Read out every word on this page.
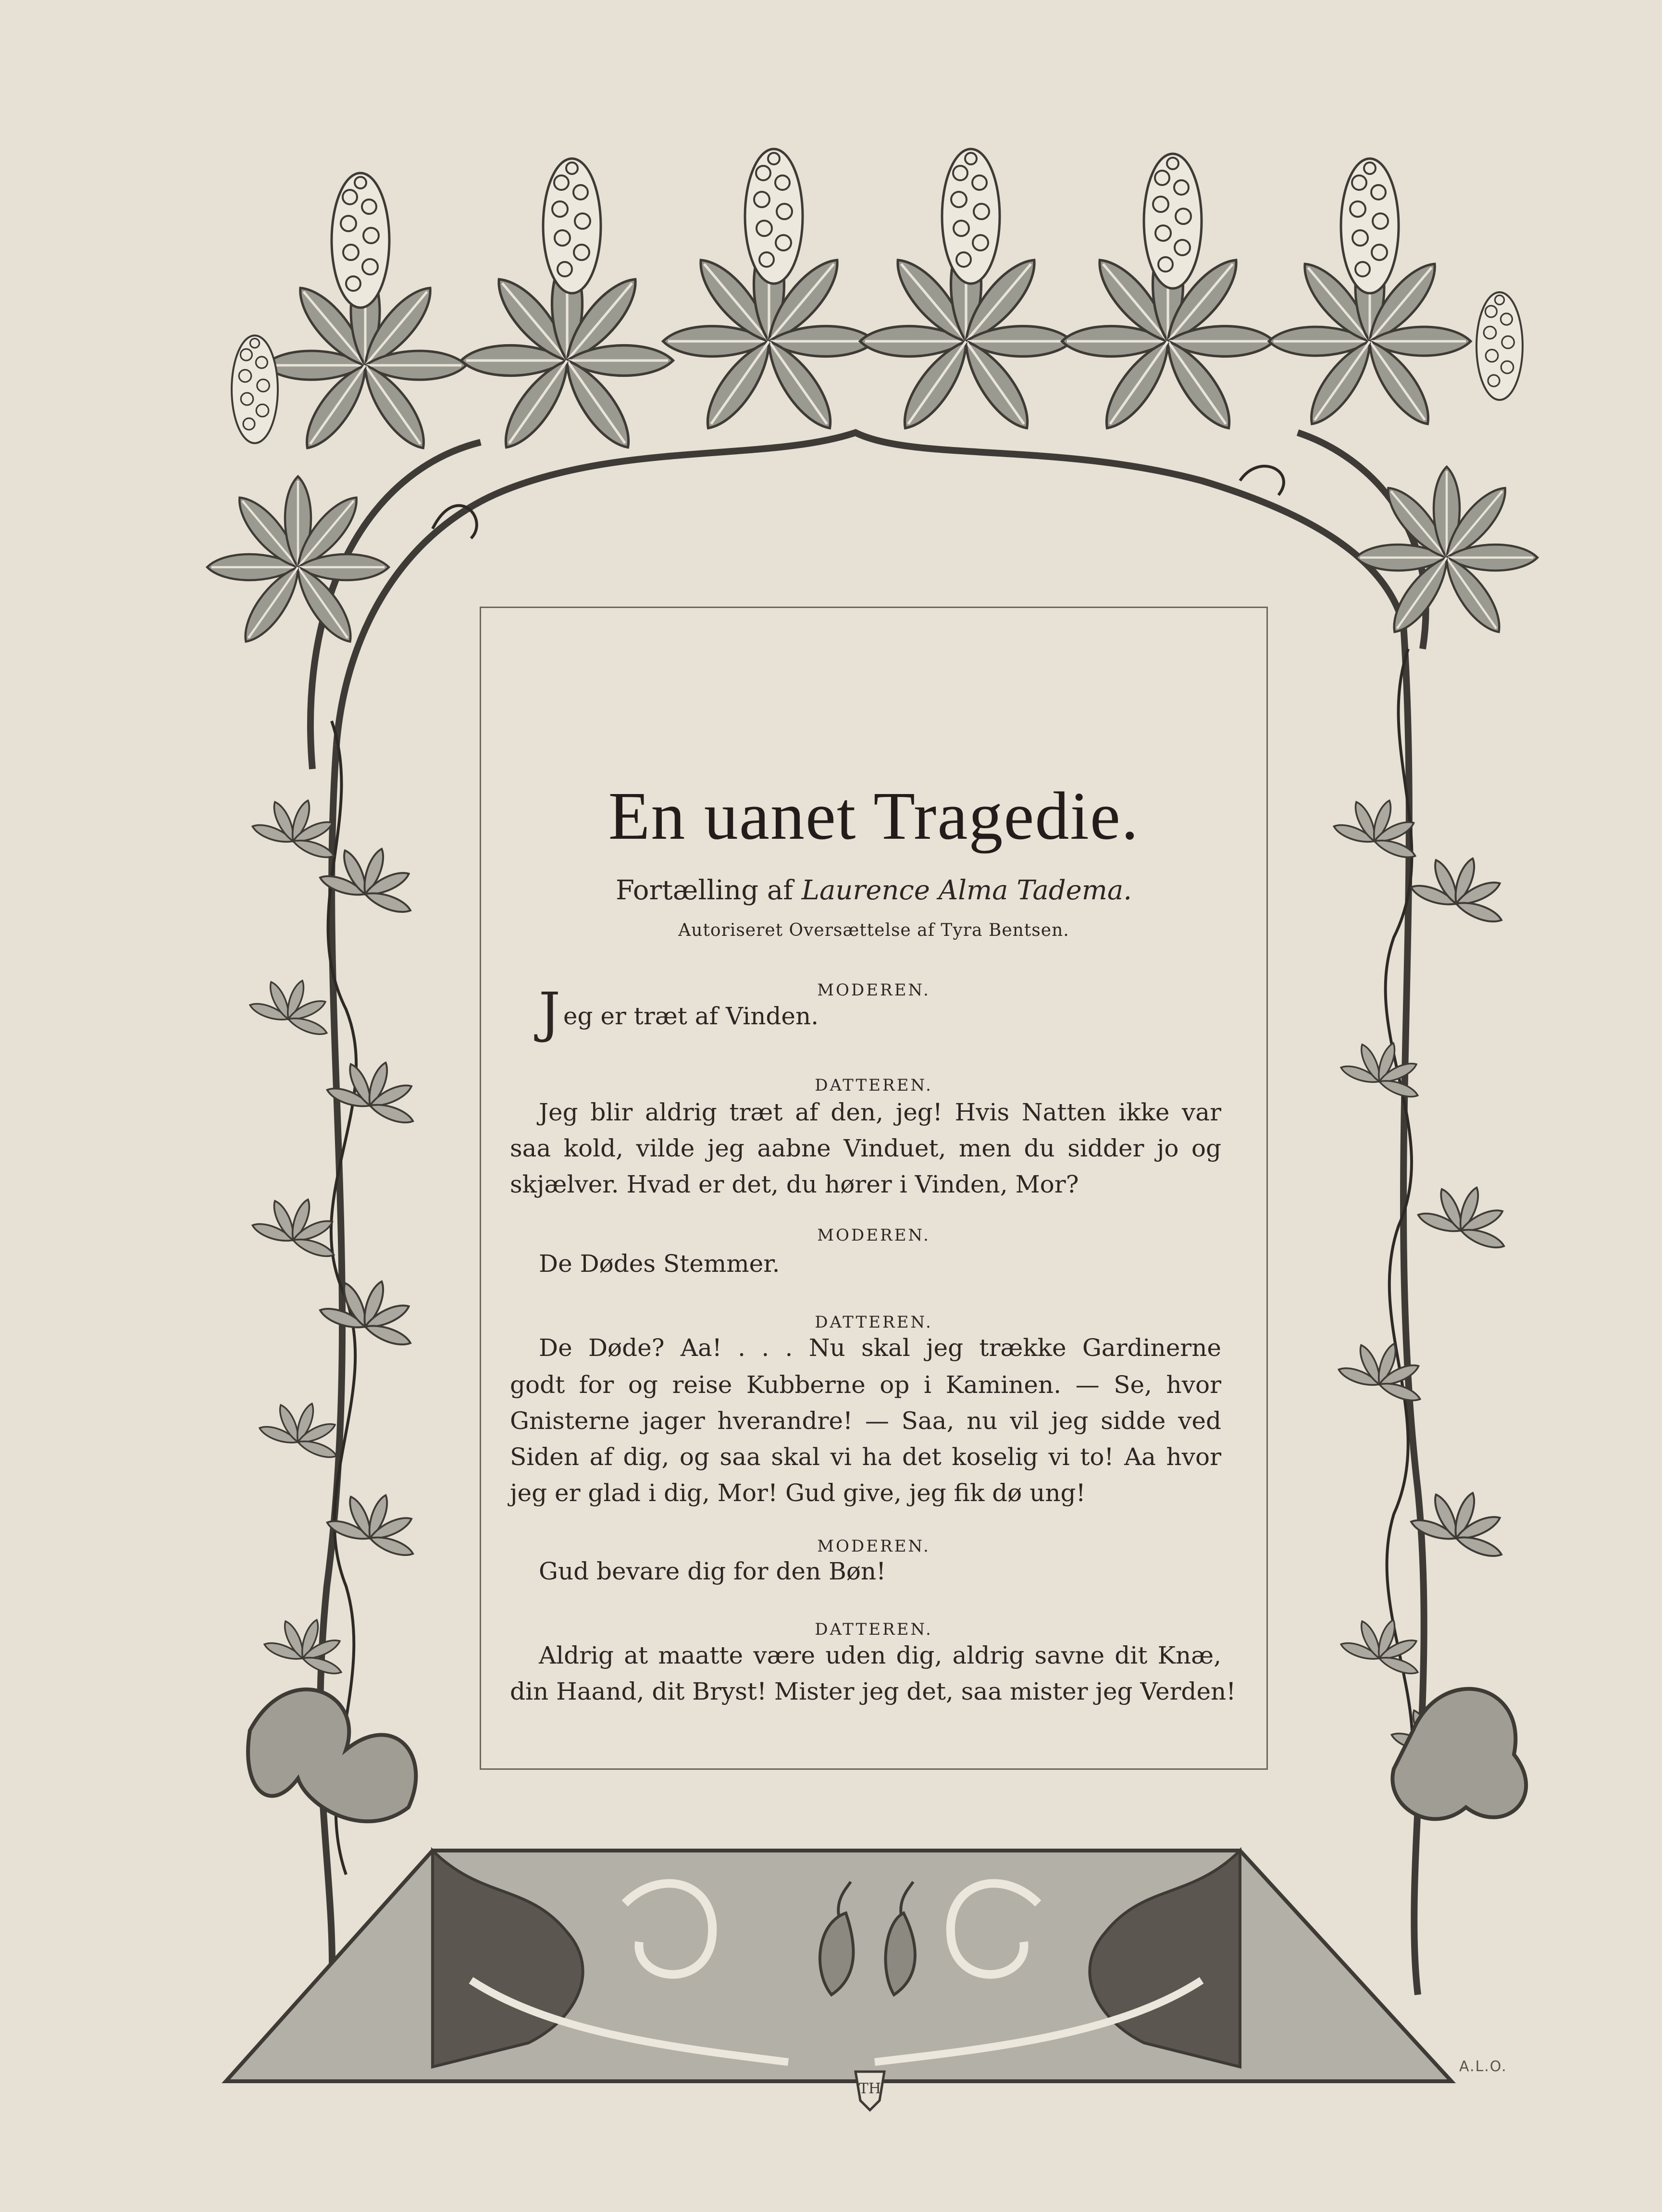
TH
En uanet Tragedie.
Fortælling af Laurence Alma Tadema.
Autoriseret Oversættelse af Tyra Bentsen.
MODEREN.
Jeg er træt af Vinden.
DATTEREN.
Jeg blir aldrig træt af den, jeg! Hvis Natten ikke var
saa kold, vilde jeg aabne Vinduet, men du sidder jo og
skjælver. Hvad er det, du hører i Vinden, Mor?
MODEREN.
De Dødes Stemmer.
DATTEREN.
De Døde? Aa! . . . Nu skal jeg trække Gardinerne
godt for og reise Kubberne op i Kaminen. — Se, hvor
Gnisterne jager hverandre! — Saa, nu vil jeg sidde ved
Siden af dig, og saa skal vi ha det koselig vi to! Aa hvor
jeg er glad i dig, Mor! Gud give, jeg fik dø ung!
MODEREN.
Gud bevare dig for den Bøn!
DATTEREN.
Aldrig at maatte være uden dig, aldrig savne dit Knæ,
din Haand, dit Bryst! Mister jeg det, saa mister jeg Verden!
A.L.O.
